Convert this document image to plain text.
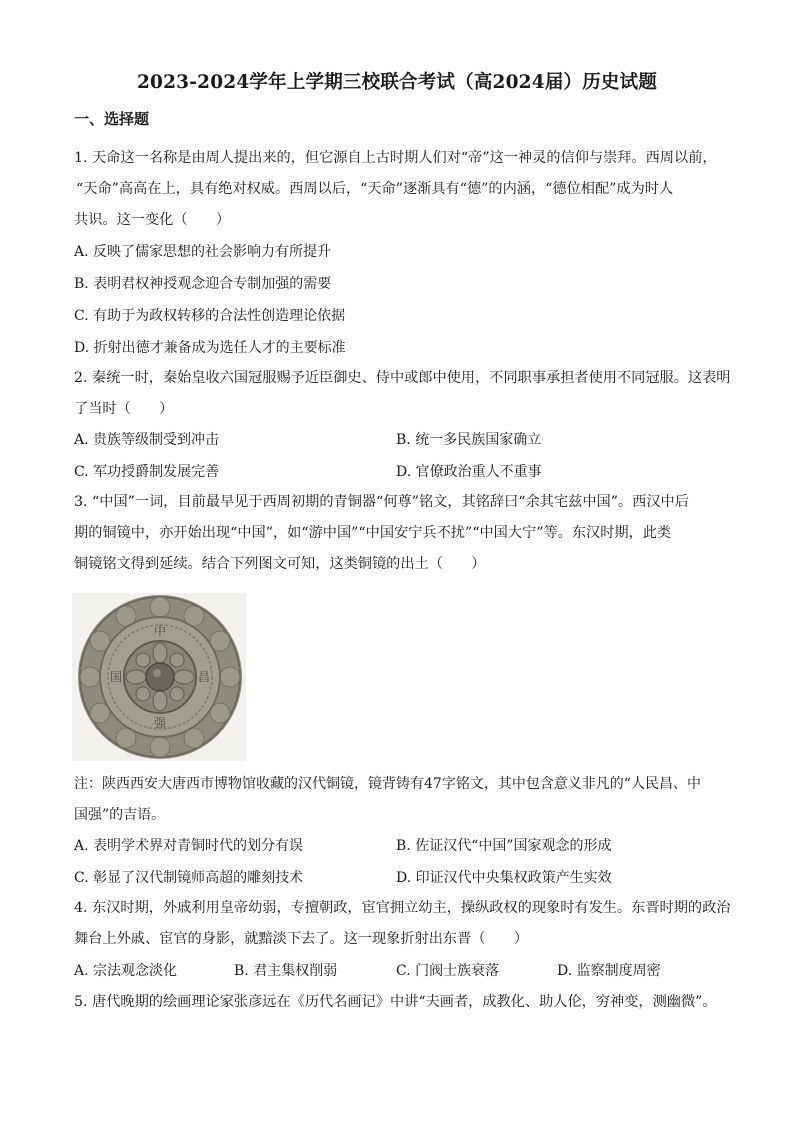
2023-2024学年上学期三校联合考试（高2024届）历史试题
一、选择题
1. 天命这一名称是由周人提出来的，但它源自上古时期人们对“帝”这一神灵的信仰与崇拜。西周以前，
“天命”高高在上，具有绝对权威。西周以后，“天命”逐渐具有“德”的内涵，“德位相配”成为时人
共识。这一变化（　　）
A. 反映了儒家思想的社会影响力有所提升
B. 表明君权神授观念迎合专制加强的需要
C. 有助于为政权转移的合法性创造理论依据
D. 折射出德才兼备成为选任人才的主要标准
2. 秦统一时，秦始皇收六国冠服赐予近臣御史、侍中或郎中使用，不同职事承担者使用不同冠服。这表明
了当时（　　）
A. 贵族等级制受到冲击	B. 统一多民族国家确立
C. 军功授爵制发展完善	D. 官僚政治重人不重事
3. “中国”一词，目前最早见于西周初期的青铜器“何尊”铭文，其铭辞曰“余其宅兹中国”。西汉中后
期的铜镜中，亦开始出现“中国”，如“游中国”“中国安宁兵不扰”“中国大宁”等。东汉时期，此类
铜镜铭文得到延续。结合下列图文可知，这类铜镜的出土（　　）
中
国	昌
强
注：陕西西安大唐西市博物馆收藏的汉代铜镜，镜背铸有47字铭文，其中包含意义非凡的“人民昌、中
国强”的吉语。
A. 表明学术界对青铜时代的划分有误	B. 佐证汉代“中国”国家观念的形成
C. 彰显了汉代制镜师高超的雕刻技术	D. 印证汉代中央集权政策产生实效
4. 东汉时期，外戚利用皇帝幼弱，专擅朝政，宦官拥立幼主，操纵政权的现象时有发生。东晋时期的政治
舞台上外戚、宦官的身影，就黯淡下去了。这一现象折射出东晋（　　）
A. 宗法观念淡化	B. 君主集权削弱	C. 门阀士族衰落	D. 监察制度周密
5. 唐代晚期的绘画理论家张彦远在《历代名画记》中讲“夫画者，成教化、助人伦，穷神变，测幽微”。
